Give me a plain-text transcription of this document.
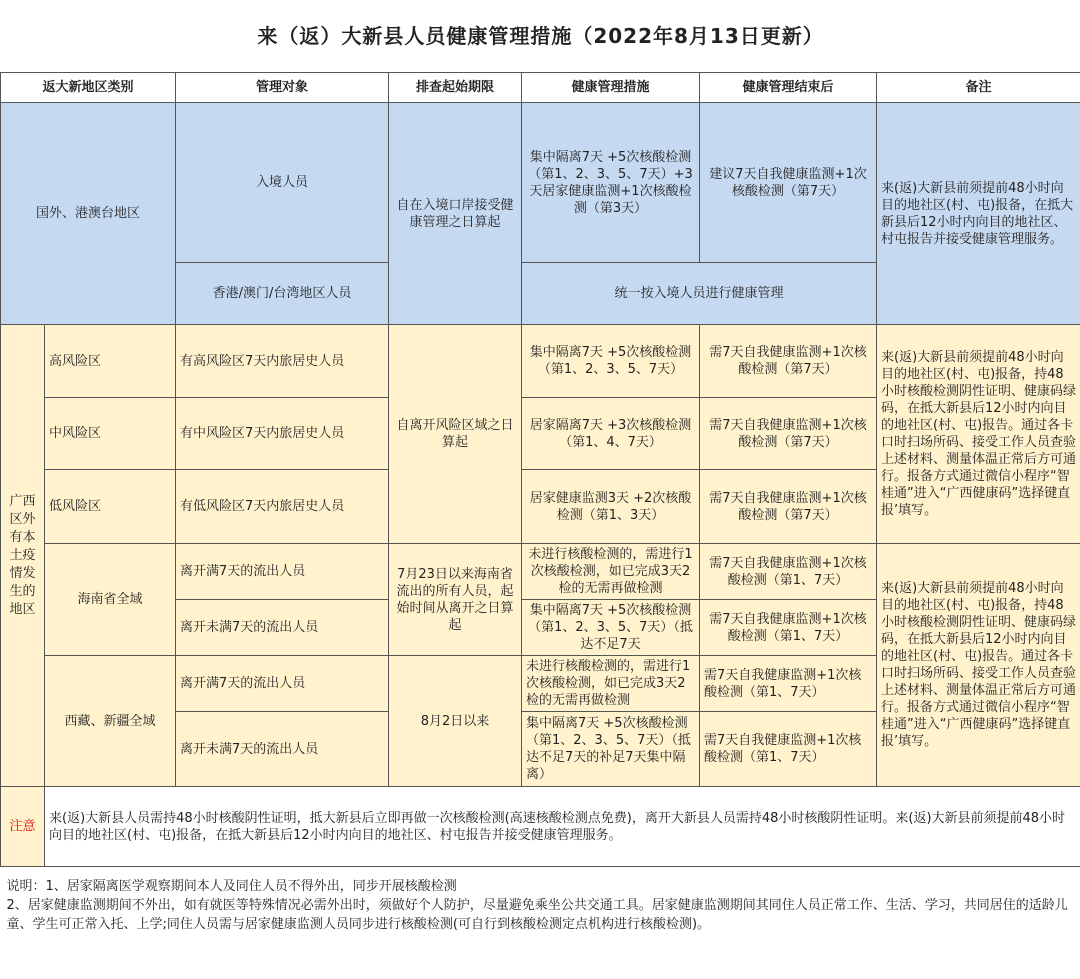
来（返）大新县人员健康管理措施（2022年8月13日更新）						
返大新地区类别		管理对象	排查起始期限	健康管理措施	健康管理结束后	备注
国外、港澳台地区		入境人员	自在入境口岸接受健康管理之日算起	集中隔离7天 +5次核酸检测（第1、2、3、5、7天）+3天居家健康监测+1次核酸检测（第3天）	建议7天自我健康监测+1次核酸检测（第7天）	来(返)大新县前须提前48小时向目的地社区(村、屯)报备，在抵大新县后12小时内向目的地社区、村屯报告并接受健康管理服务。
		香港/澳门/台湾地区人员		统一按入境人员进行健康管理		
广西区外有本土疫情发生的地区	高风险区	有高风险区7天内旅居史人员	自离开风险区域之日算起	集中隔离7天 +5次核酸检测（第1、2、3、5、7天）	需7天自我健康监测+1次核酸检测（第7天）	来(返)大新县前须提前48小时向目的地社区(村、屯)报备，持48小时核酸检测阴性证明、健康码绿码，在抵大新县后12小时内向目的地社区(村、屯)报告。通过各卡口时扫场所码、接受工作人员查验上述材料、测量体温正常后方可通行。报备方式通过微信小程序“智桂通”进入“广西健康码”选择键直报’填写。
	中风险区	有中风险区7天内旅居史人员		居家隔离7天 +3次核酸检测（第1、4、7天）	需7天自我健康监测+1次核酸检测（第7天）	
	低风险区	有低风险区7天内旅居史人员		居家健康监测3天 +2次核酸检测（第1、3天）	需7天自我健康监测+1次核酸检测（第7天）	
	海南省全域	离开满7天的流出人员	7月23日以来海南省流出的所有人员，起始时间从离开之日算起	未进行核酸检测的，需进行1次核酸检测，如已完成3天2检的无需再做检测	需7天自我健康监测+1次核酸检测（第1、7天）	来(返)大新县前须提前48小时向目的地社区(村、屯)报备，持48小时核酸检测阴性证明、健康码绿码，在抵大新县后12小时内向目的地社区(村、屯)报告。通过各卡口时扫场所码、接受工作人员查验上述材料、测量体温正常后方可通行。报备方式通过微信小程序“智桂通”进入“广西健康码”选择键直报’填写。
		离开未满7天的流出人员		集中隔离7天 +5次核酸检测（第1、2、3、5、7天）（抵达不足7天	需7天自我健康监测+1次核酸检测（第1、7天）	
	西藏、新疆全域	离开满7天的流出人员	8月2日以来	未进行核酸检测的，需进行1次核酸检测，如已完成3天2检的无需再做检测	需7天自我健康监测+1次核酸检测（第1、7天）	
		离开未满7天的流出人员		集中隔离7天 +5次核酸检测（第1、2、3、5、7天）（抵达不足7天的补足7天集中隔离）	需7天自我健康监测+1次核酸检测（第1、7天）	
注意	来(返)大新县人员需持48小时核酸阴性证明，抵大新县后立即再做一次核酸检测(高速核酸检测点免费)，离开大新县人员需持48小时核酸阴性证明。来(返)大新县前须提前48小时向目的地社区(村、屯)报备，在抵大新县后12小时内向目的地社区、村屯报告并接受健康管理服务。					

说明：1、居家隔离医学观察期间本人及同住人员不得外出，同步开展核酸检测
2、居家健康监测期间不外出，如有就医等特殊情况必需外出时，须做好个人防护，尽量避免乘坐公共交通工具。居家健康监测期间其同住人员正常工作、生活、学习，共同居住的适龄儿童、学生可正常入托、上学;同住人员需与居家健康监测人员同步进行核酸检测(可自行到核酸检测定点机构进行核酸检测)。						
